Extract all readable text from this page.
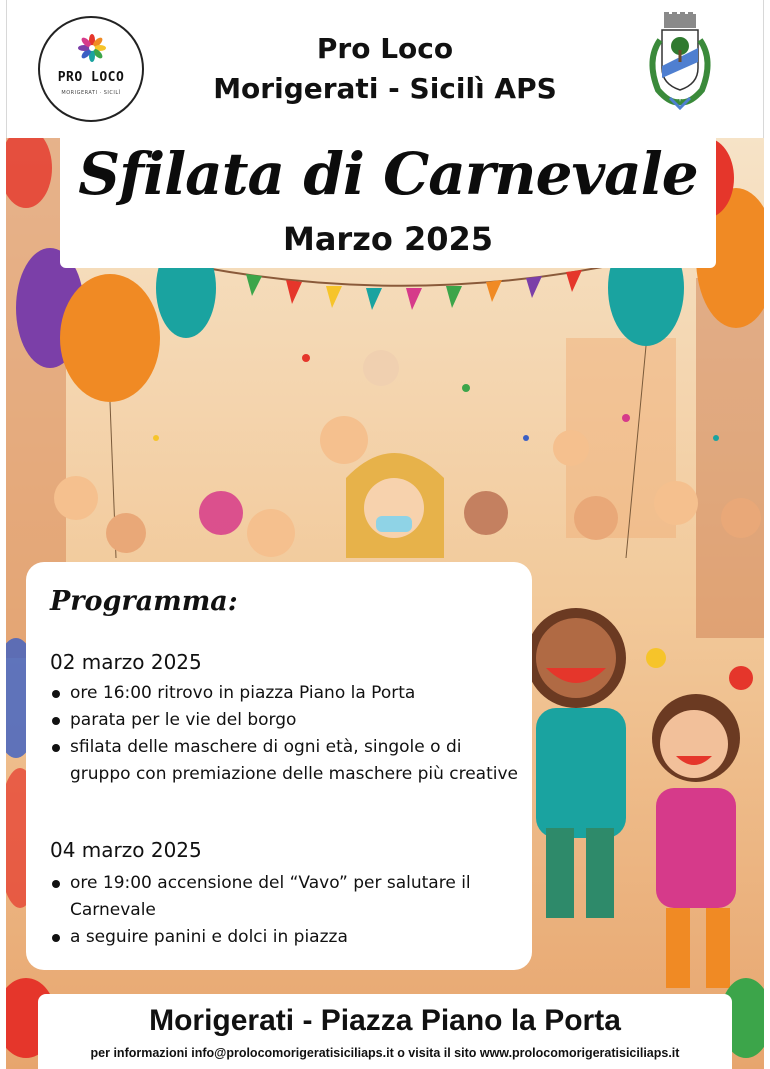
PRO LOCO
MORIGERATI · SICILÌ
Pro Loco
Morigerati - Sicilì APS
Sfilata di Carnevale
Marzo 2025
Programma:
02 marzo 2025
ore 16:00 ritrovo in piazza Piano la Porta
parata per le vie del borgo
sfilata delle maschere di ogni età, singole o di gruppo con premiazione delle maschere più creative
04 marzo 2025
ore 19:00 accensione del “Vavo” per salutare il Carnevale
a seguire panini e dolci in piazza
Morigerati - Piazza Piano la Porta
per informazioni info@prolocomorigeratisiciliaps.it o visita il sito www.prolocomorigeratisiciliaps.it
